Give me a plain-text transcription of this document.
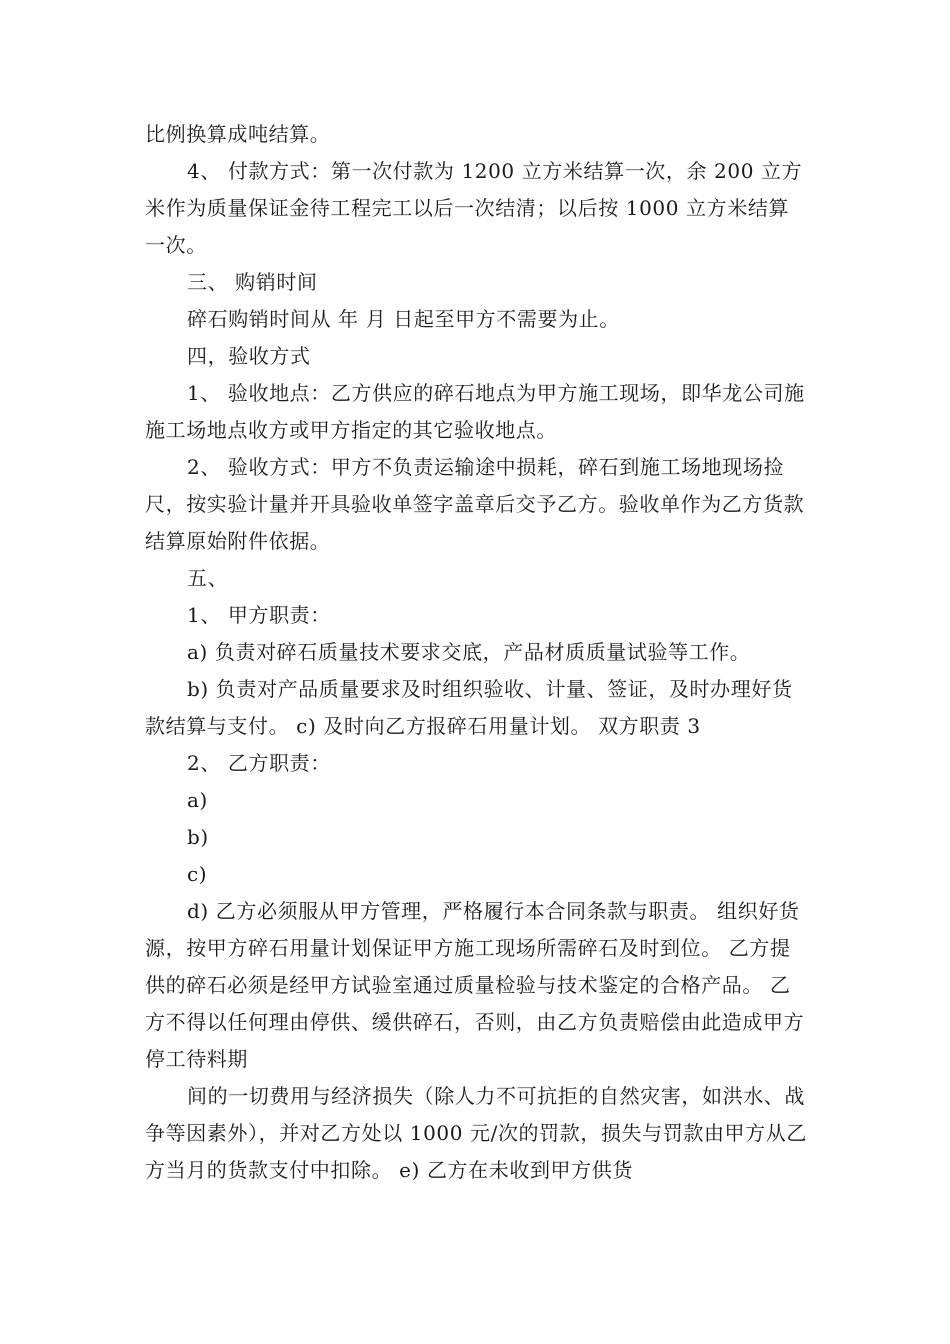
比例换算成吨结算。

4、 付款方式：第一次付款为 1200 立方米结算一次，余 200 立方米作为质量保证金待工程完工以后一次结清；以后按 1000 立方米结算一次。

三、 购销时间

碎石购销时间从 年 月 日起至甲方不需要为止。

四，验收方式

1、 验收地点：乙方供应的碎石地点为甲方施工现场，即华龙公司施施工场地点收方或甲方指定的其它验收地点。

2、 验收方式：甲方不负责运输途中损耗，碎石到施工场地现场捡尺，按实验计量并开具验收单签字盖章后交予乙方。验收单作为乙方货款结算原始附件依据。

五、

1、 甲方职责：

a) 负责对碎石质量技术要求交底，产品材质质量试验等工作。

b) 负责对产品质量要求及时组织验收、计量、签证，及时办理好货款结算与支付。 c) 及时向乙方报碎石用量计划。 双方职责 3

2、 乙方职责：

a)

b)

c)

d) 乙方必须服从甲方管理，严格履行本合同条款与职责。 组织好货源，按甲方碎石用量计划保证甲方施工现场所需碎石及时到位。 乙方提供的碎石必须是经甲方试验室通过质量检验与技术鉴定的合格产品。 乙方不得以任何理由停供、缓供碎石，否则，由乙方负责赔偿由此造成甲方停工待料期

间的一切费用与经济损失（除人力不可抗拒的自然灾害，如洪水、战争等因素外），并对乙方处以 1000 元/次的罚款，损失与罚款由甲方从乙方当月的货款支付中扣除。 e) 乙方在未收到甲方供货
